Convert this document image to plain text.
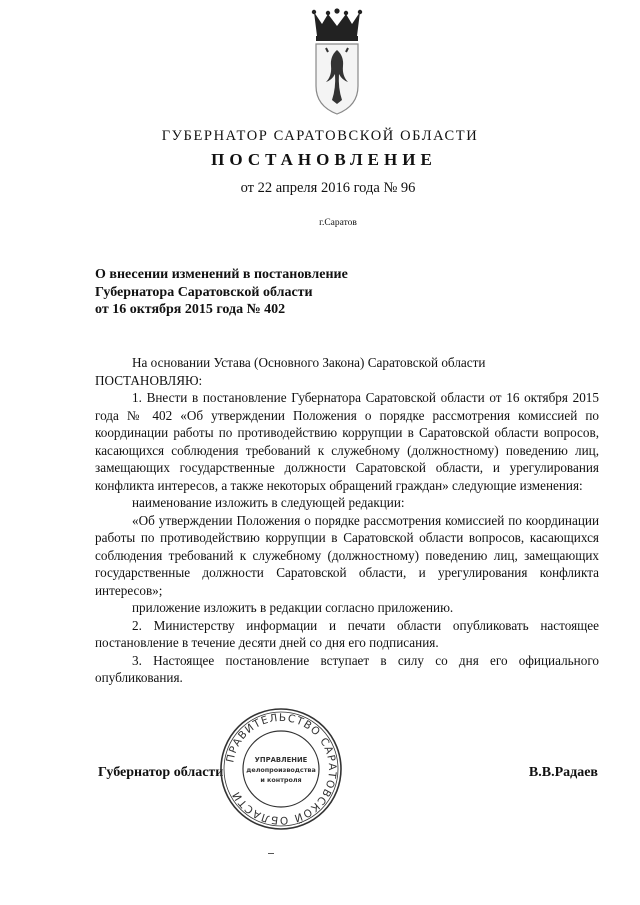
ГУБЕРНАТОР САРАТОВСКОЙ ОБЛАСТИ
ПОСТАНОВЛЕНИЕ
от 22 апреля 2016 года № 96
г.Саратов
О внесении изменений в постановление
Губернатора Саратовской области
от 16 октября 2015 года № 402

На основании Устава (Основного Закона) Саратовской области

ПОСТАНОВЛЯЮ:

1. Внести в постановление Губернатора Саратовской области от 16 октября 2015 года № 402 «Об утверждении Положения о порядке рассмотрения комиссией по координации работы по противодействию коррупции в Саратовской области вопросов, касающихся соблюдения требований к служебному (должностному) поведению лиц, замещающих государственные должности Саратовской области, и урегулирования конфликта интересов, а также некоторых обращений граждан» следующие изменения:

наименование изложить в следующей редакции:

«Об утверждении Положения о порядке рассмотрения комиссией по координации работы по противодействию коррупции в Саратовской области вопросов, касающихся соблюдения требований к служебному (должностному) поведению лиц, замещающих государственные должности Саратовской области, и урегулирования конфликта интересов»;

приложение изложить в редакции согласно приложению.

2. Министерству информации и печати области опубликовать настоящее постановление в течение десяти дней со дня его подписания.

3. Настоящее постановление вступает в силу со дня его официального опубликования.

Губернатор области	В.В.Радаев
ПРАВИТЕЛЬСТВО САРАТОВСКОЙ ОБЛАСТИ
УПРАВЛЕНИЕ
делопроизводства
и контроля
